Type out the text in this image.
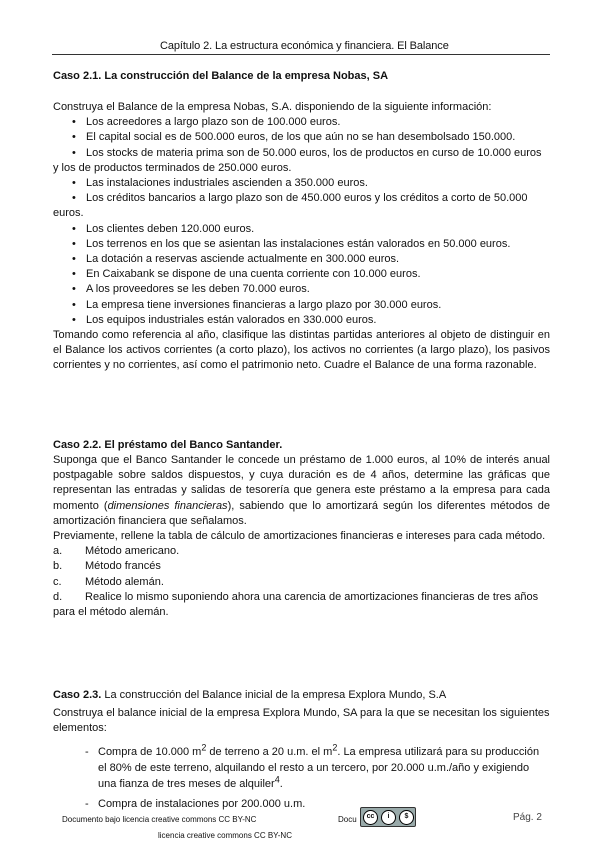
Capítulo 2. La estructura económica y financiera. El Balance
Caso 2.1. La construcción del Balance de la empresa Nobas, SA
Construya el Balance de la empresa Nobas, S.A. disponiendo de la siguiente información:
• Los acreedores a largo plazo son de 100.000 euros.
• El capital social es de 500.000 euros, de los que aún no se han desembolsado 150.000.
• Los stocks de materia prima son de 50.000 euros, los de productos en curso de 10.000 euros y los de productos terminados de 250.000 euros.
• Las instalaciones industriales ascienden a 350.000 euros.
• Los créditos bancarios a largo plazo son de 450.000 euros y los créditos a corto de 50.000 euros.
• Los clientes deben 120.000 euros.
• Los terrenos en los que se asientan las instalaciones están valorados en 50.000 euros.
• La dotación a reservas asciende actualmente en 300.000 euros.
• En Caixabank se dispone de una cuenta corriente con 10.000 euros.
• A los proveedores se les deben 70.000 euros.
• La empresa tiene inversiones financieras a largo plazo por 30.000 euros.
• Los equipos industriales están valorados en 330.000 euros.
Tomando como referencia al año, clasifique las distintas partidas anteriores al objeto de distinguir en el Balance los activos corrientes (a corto plazo), los activos no corrientes (a largo plazo), los pasivos corrientes y no corrientes, así como el patrimonio neto. Cuadre el Balance de una forma razonable.
Caso 2.2. El préstamo del Banco Santander.
Suponga que el Banco Santander le concede un préstamo de 1.000 euros, al 10% de interés anual postpagable sobre saldos dispuestos, y cuya duración es de 4 años, determine las gráficas que representan las entradas y salidas de tesorería que genera este préstamo a la empresa para cada momento (dimensiones financieras), sabiendo que lo amortizará según los diferentes métodos de amortización financiera que señalamos.
Previamente, rellene la tabla de cálculo de amortizaciones financieras e intereses para cada método.
a.	Método americano.
b.	Método francés
c.	Método alemán.
d. Realice lo mismo suponiendo ahora una carencia de amortizaciones financieras de tres años para el método alemán.
Caso 2.3. La construcción del Balance inicial de la empresa Explora Mundo, S.A
Construya el balance inicial de la empresa Explora Mundo, SA para la que se necesitan los siguientes elementos:
- Compra de 10.000 $m^2$ de terreno a 20 u.m. el $m^2$. La empresa utilizará para su producción el 80% de este terreno, alquilando el resto a un tercero, por 20.000 u.m./año y exigiendo una fianza de tres meses de alquiler$^4$.
- Compra de instalaciones por 200.000 u.m.
Documento bajo licencia creative commons CC BY-NC	Docu
licencia creative commons CC BY-NC
cc	i	$	Pág. 2
